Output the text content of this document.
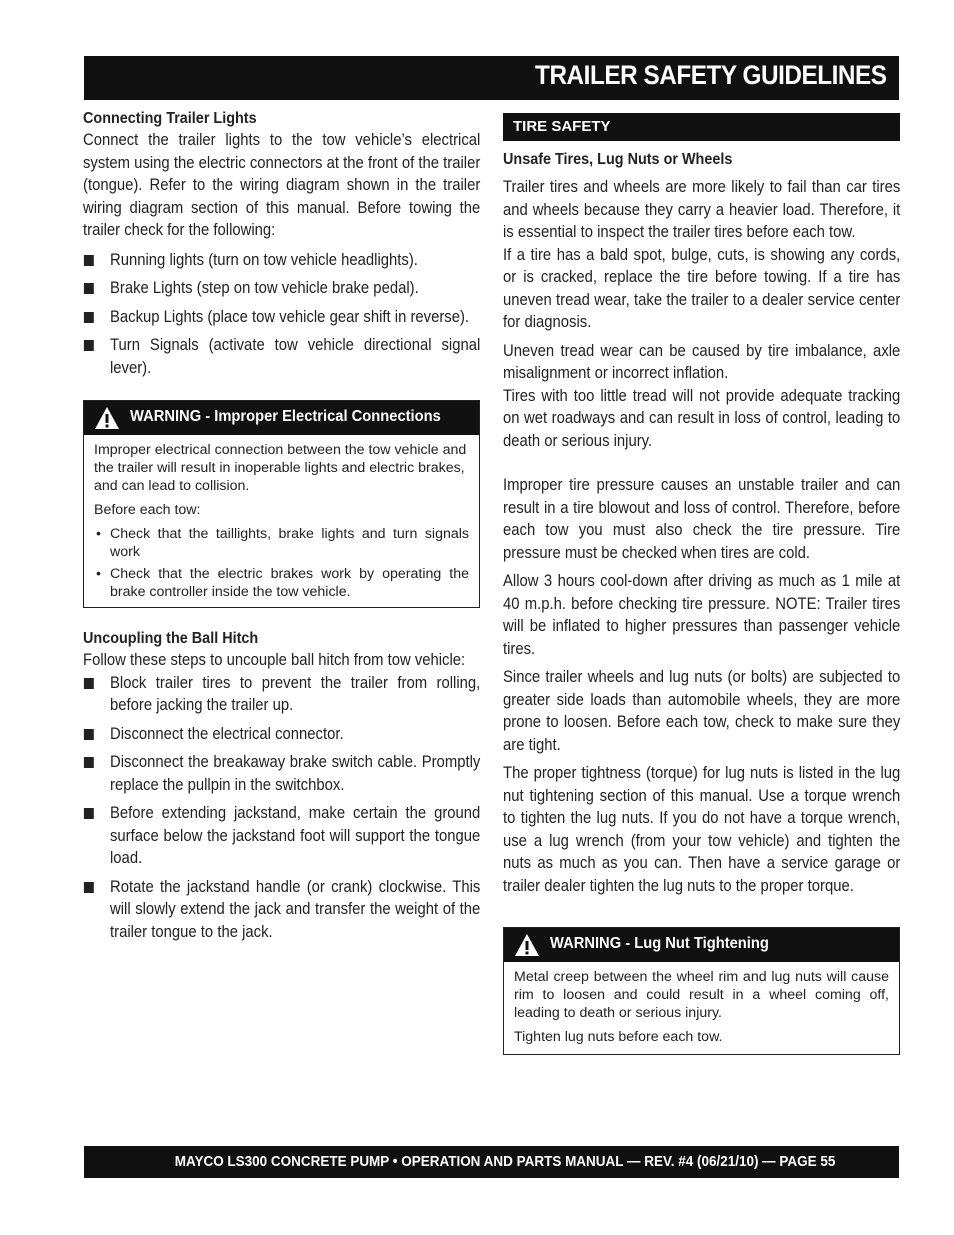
TRAILER SAFETY GUIDELINES
Connecting Trailer Lights

Connect the trailer lights to the tow vehicle’s electrical system using the electric connectors at the front of the trailer (tongue). Refer to the wiring diagram shown in the trailer wiring diagram section of this manual. Before towing the trailer check for the following:

Running lights (turn on tow vehicle headlights).
Brake Lights (step on tow vehicle brake pedal).
Backup Lights (place tow vehicle gear shift in reverse).
Turn Signals (activate tow vehicle directional signal lever).
WARNING - Improper Electrical Connections

Improper electrical connection between the tow vehicle and the trailer will result in inoperable lights and electric brakes, and can lead to collision.

Before each tow:

• Check that the taillights, brake lights and turn signals work
• Check that the electric brakes work by operating the brake controller inside the tow vehicle.
Uncoupling the Ball Hitch

Follow these steps to uncouple ball hitch from tow vehicle:

Block trailer tires to prevent the trailer from rolling, before jacking the trailer up.
Disconnect the electrical connector.
Disconnect the breakaway brake switch cable. Promptly replace the pullpin in the switchbox.
Before extending jackstand, make certain the ground surface below the jackstand foot will support the tongue load.
Rotate the jackstand handle (or crank) clockwise. This will slowly extend the jack and transfer the weight of the trailer tongue to the jack.
TIRE SAFETY
Unsafe Tires, Lug Nuts or Wheels

Trailer tires and wheels are more likely to fail than car tires and wheels because they carry a heavier load. Therefore, it is essential to inspect the trailer tires before each tow.

If a tire has a bald spot, bulge, cuts, is showing any cords, or is cracked, replace the tire before towing. If a tire has uneven tread wear, take the trailer to a dealer service center for diagnosis.

Uneven tread wear can be caused by tire imbalance, axle misalignment or incorrect inflation.

Tires with too little tread will not provide adequate tracking on wet roadways and can result in loss of control, leading to death or serious injury.

Improper tire pressure causes an unstable trailer and can result in a tire blowout and loss of control. Therefore, before each tow you must also check the tire pressure. Tire pressure must be checked when tires are cold.

Allow 3 hours cool-down after driving as much as 1 mile at 40 m.p.h. before checking tire pressure. NOTE: Trailer tires will be inflated to higher pressures than passenger vehicle tires.

Since trailer wheels and lug nuts (or bolts) are subjected to greater side loads than automobile wheels, they are more prone to loosen. Before each tow, check to make sure they are tight.

The proper tightness (torque) for lug nuts is listed in the lug nut tightening section of this manual. Use a torque wrench to tighten the lug nuts. If you do not have a torque wrench, use a lug wrench (from your tow vehicle) and tighten the nuts as much as you can. Then have a service garage or trailer dealer tighten the lug nuts to the proper torque.

WARNING - Lug Nut Tightening

Metal creep between the wheel rim and lug nuts will cause rim to loosen and could result in a wheel coming off, leading to death or serious injury.

Tighten lug nuts before each tow.

MAYCO LS300 CONCRETE PUMP • OPERATION AND PARTS MANUAL — REV. #4 (06/21/10) — PAGE 55
